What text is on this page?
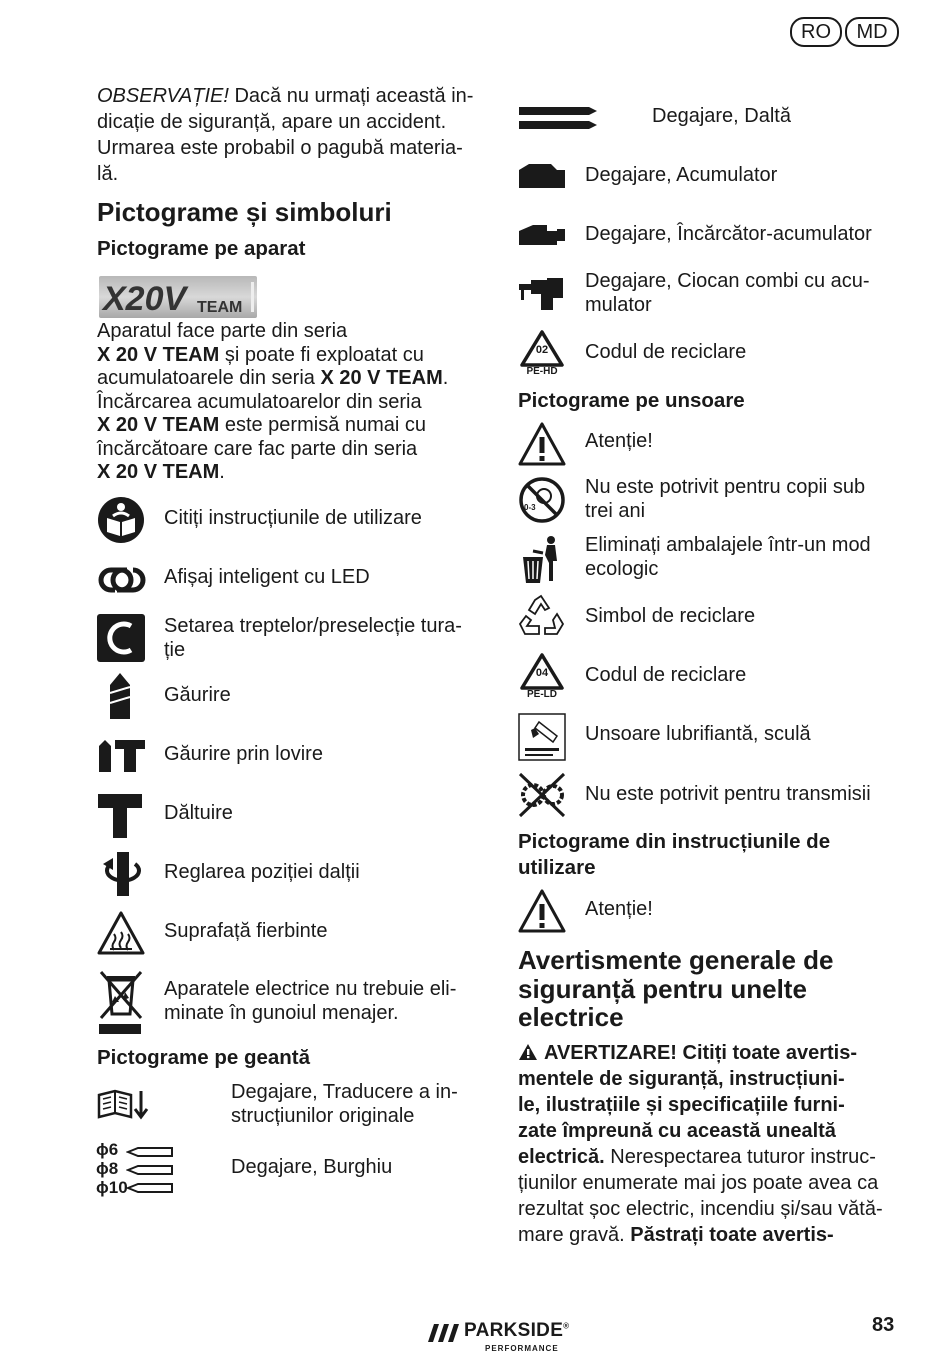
RO	MD
OBSERVAȚIE! Dacă nu urmați această in-
dicație de siguranță, apare un accident.
Urmarea este probabil o pagubă materia-
lă.
Pictograme și simboluri
Pictograme pe aparat
X20V TEAM
Aparatul face parte din seria
X 20 V TEAM și poate fi exploatat cu
acumulatoarele din seria X 20 V TEAM.
Încărcarea acumulatoarelor din seria
X 20 V TEAM este permisă numai cu
încărcătoare care fac parte din seria
X 20 V TEAM.
Citiți instrucțiunile de utilizare
Afișaj inteligent cu LED
Setarea treptelor/preselecție tura-
ție
Găurire
Găurire prin lovire
Dăltuire
Reglarea poziției dalții
Suprafață fierbinte
Aparatele electrice nu trebuie eli-
minate în gunoiul menajer.
Pictograme pe geantă
Degajare, Traducere a in-
strucțiunilor originale
ϕ6
ϕ8
ϕ10
Degajare, Burghiu
Degajare, Daltă
Degajare, Acumulator
Degajare, Încărcător-acumulator
Degajare, Ciocan combi cu acu-
mulator
02
PE-HD
Codul de reciclare
Pictograme pe unsoare
Atenție!
0-3
Nu este potrivit pentru copii sub
trei ani
Eliminați ambalajele într-un mod
ecologic
Simbol de reciclare
04
PE-LD
Codul de reciclare
Unsoare lubrifiantă, sculă
Nu este potrivit pentru transmisii
Pictograme din instrucțiunile de
utilizare
Atenție!
Avertismente generale de
siguranță pentru unelte
electrice
AVERTIZARE! Citiți toate avertis-
mentele de siguranță, instrucțiuni-
le, ilustrațiile și specificațiile furni-
zate împreună cu această unealtă
electrică. Nerespectarea tuturor instruc-
țiunilor enumerate mai jos poate avea ca
rezultat șoc electric, incendiu și/sau vătă-
mare gravă. Păstrați toate avertis-
PARKSIDE®
PERFORMANCE
83
